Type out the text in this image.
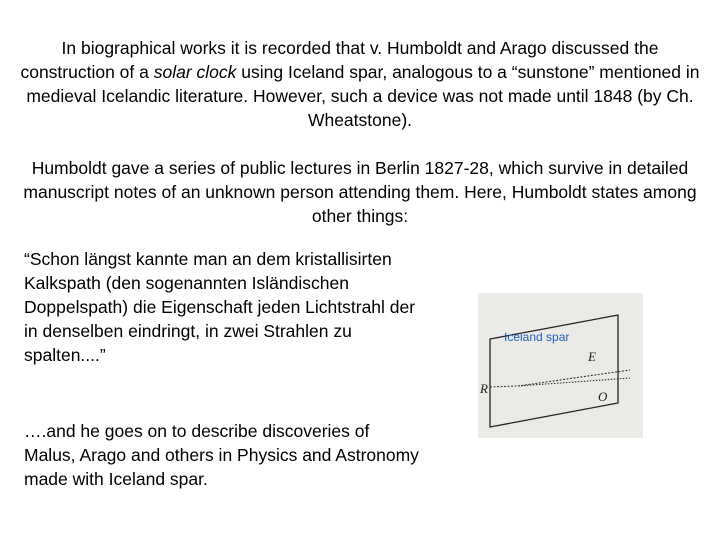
In biographical works it is recorded that v. Humboldt and Arago discussed the construction of a solar clock using Iceland spar, analogous to a “sunstone” mentioned in medieval Icelandic literature. However, such a device was not made until 1848 (by Ch. Wheatstone).

Humboldt gave a series of public lectures in Berlin 1827-28, which survive in detailed manuscript notes of an unknown person attending them. Here, Humboldt states among other things:

“Schon längst kannte man an dem kristallisirten Kalkspath (den sogenannten Isländischen Doppelspath) die Eigenschaft jeden Lichtstrahl der in denselben eindringt, in zwei Strahlen zu spalten....”

….and he goes on to describe discoveries of Malus, Arago and others in Physics and Astronomy made with Iceland spar.

R
E
O
Iceland spar
